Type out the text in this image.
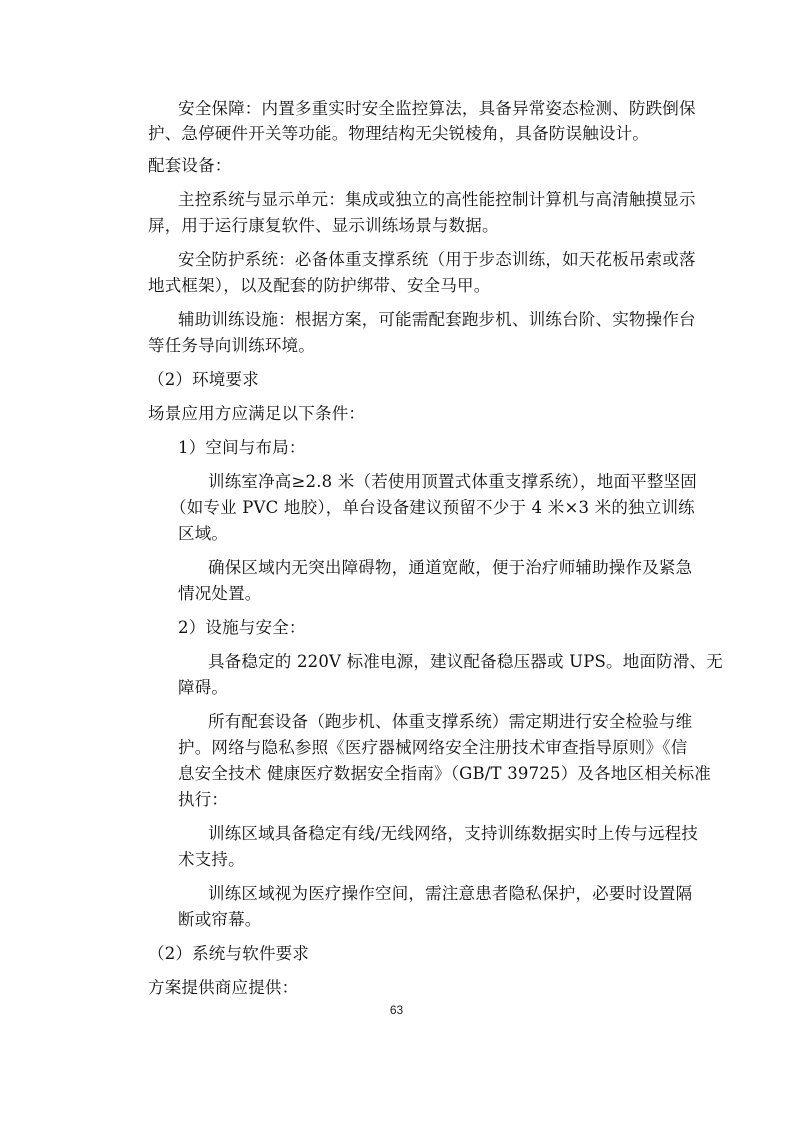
安全保障：内置多重实时安全监控算法，具备异常姿态检测、防跌倒保
护、急停硬件开关等功能。物理结构无尖锐棱角，具备防误触设计。
配套设备：
主控系统与显示单元：集成或独立的高性能控制计算机与高清触摸显示
屏，用于运行康复软件、显示训练场景与数据。
安全防护系统：必备体重支撑系统（用于步态训练，如天花板吊索或落
地式框架），以及配套的防护绑带、安全马甲。
辅助训练设施：根据方案，可能需配套跑步机、训练台阶、实物操作台
等任务导向训练环境。
（2）环境要求
场景应用方应满足以下条件：
1）空间与布局：
训练室净高≥2.8 米（若使用顶置式体重支撑系统），地面平整坚固
（如专业 PVC 地胶），单台设备建议预留不少于 4 米×3 米的独立训练
区域。
确保区域内无突出障碍物，通道宽敞，便于治疗师辅助操作及紧急
情况处置。
2）设施与安全：
具备稳定的 220V 标准电源，建议配备稳压器或 UPS。地面防滑、无
障碍。
所有配套设备（跑步机、体重支撑系统）需定期进行安全检验与维
护。网络与隐私参照《医疗器械网络安全注册技术审查指导原则》《信
息安全技术 健康医疗数据安全指南》（GB/T 39725）及各地区相关标准
执行：
训练区域具备稳定有线/无线网络，支持训练数据实时上传与远程技
术支持。
训练区域视为医疗操作空间，需注意患者隐私保护，必要时设置隔
断或帘幕。
（2）系统与软件要求
方案提供商应提供：
63
